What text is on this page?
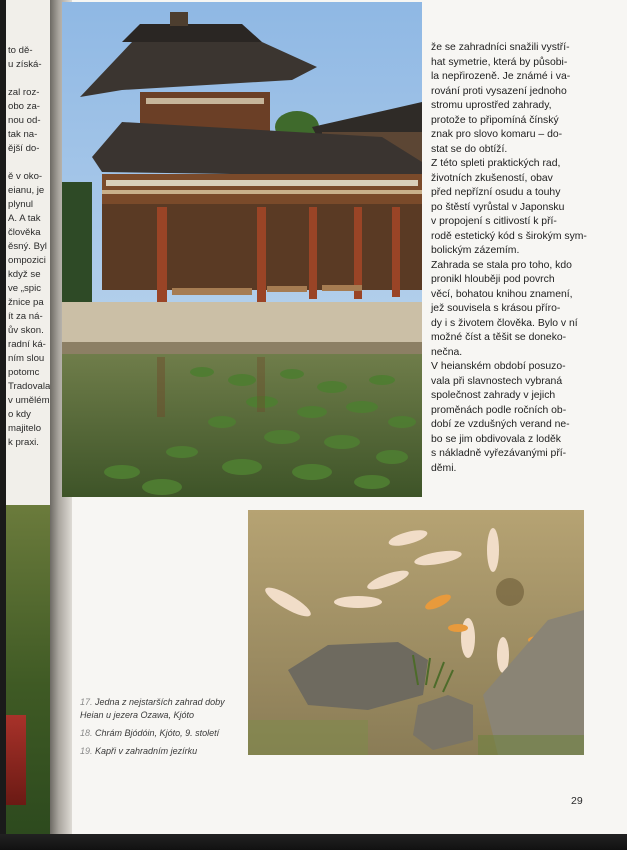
to dě-
u získá-
zal roz-
obo za-
nou od-
tak na-
ější do-
ě v oko-
eianu, je
plynul
A. A tak
člověka
ěsný. Byl
ompozici
když se
ve „spic
žnice pa
ít za ná-
ův skon.
radní ká-
ním slou
potomc
Tradovala
v umělém
o kdy
majitelo
k praxi.

že se zahradníci snažili vystří-
hat symetrie, která by působi-
la nepřirozeně. Je známé i va-
rování proti vysazení jednoho
stromu uprostřed zahrady,
protože to připomíná čínský
znak pro slovo komaru – do-
stat se do obtíží.

Z této spleti praktických rad,
životních zkušeností, obav
před nepřízní osudu a touhy
po štěstí vyrůstal v Japonsku
v propojení s citlivostí k pří-
rodě estetický kód s širokým sym-
bolickým zázemím.

Zahrada se stala pro toho, kdo
pronikl hlouběji pod povrch
věcí, bohatou knihou znamení,
jež souvisela s krásou příro-
dy i s životem člověka. Bylo v ní
možné číst a těšit se doneko-
nečna.

V heianském období posuzo-
vala při slavnostech vybraná
společnost zahrady v jejich
proměnách podle ročních ob-
dobí ze vzdušných verand ne-
bo se jim obdivovala z loděk
s nákladně vyřezávanými pří-
děmi.

17. Jedna z nejstarších zahrad doby
Heian u jezera Ozawa, Kjóto
18. Chrám Bjódóin, Kjóto, 9. století
19. Kapři v zahradním jezírku
29
